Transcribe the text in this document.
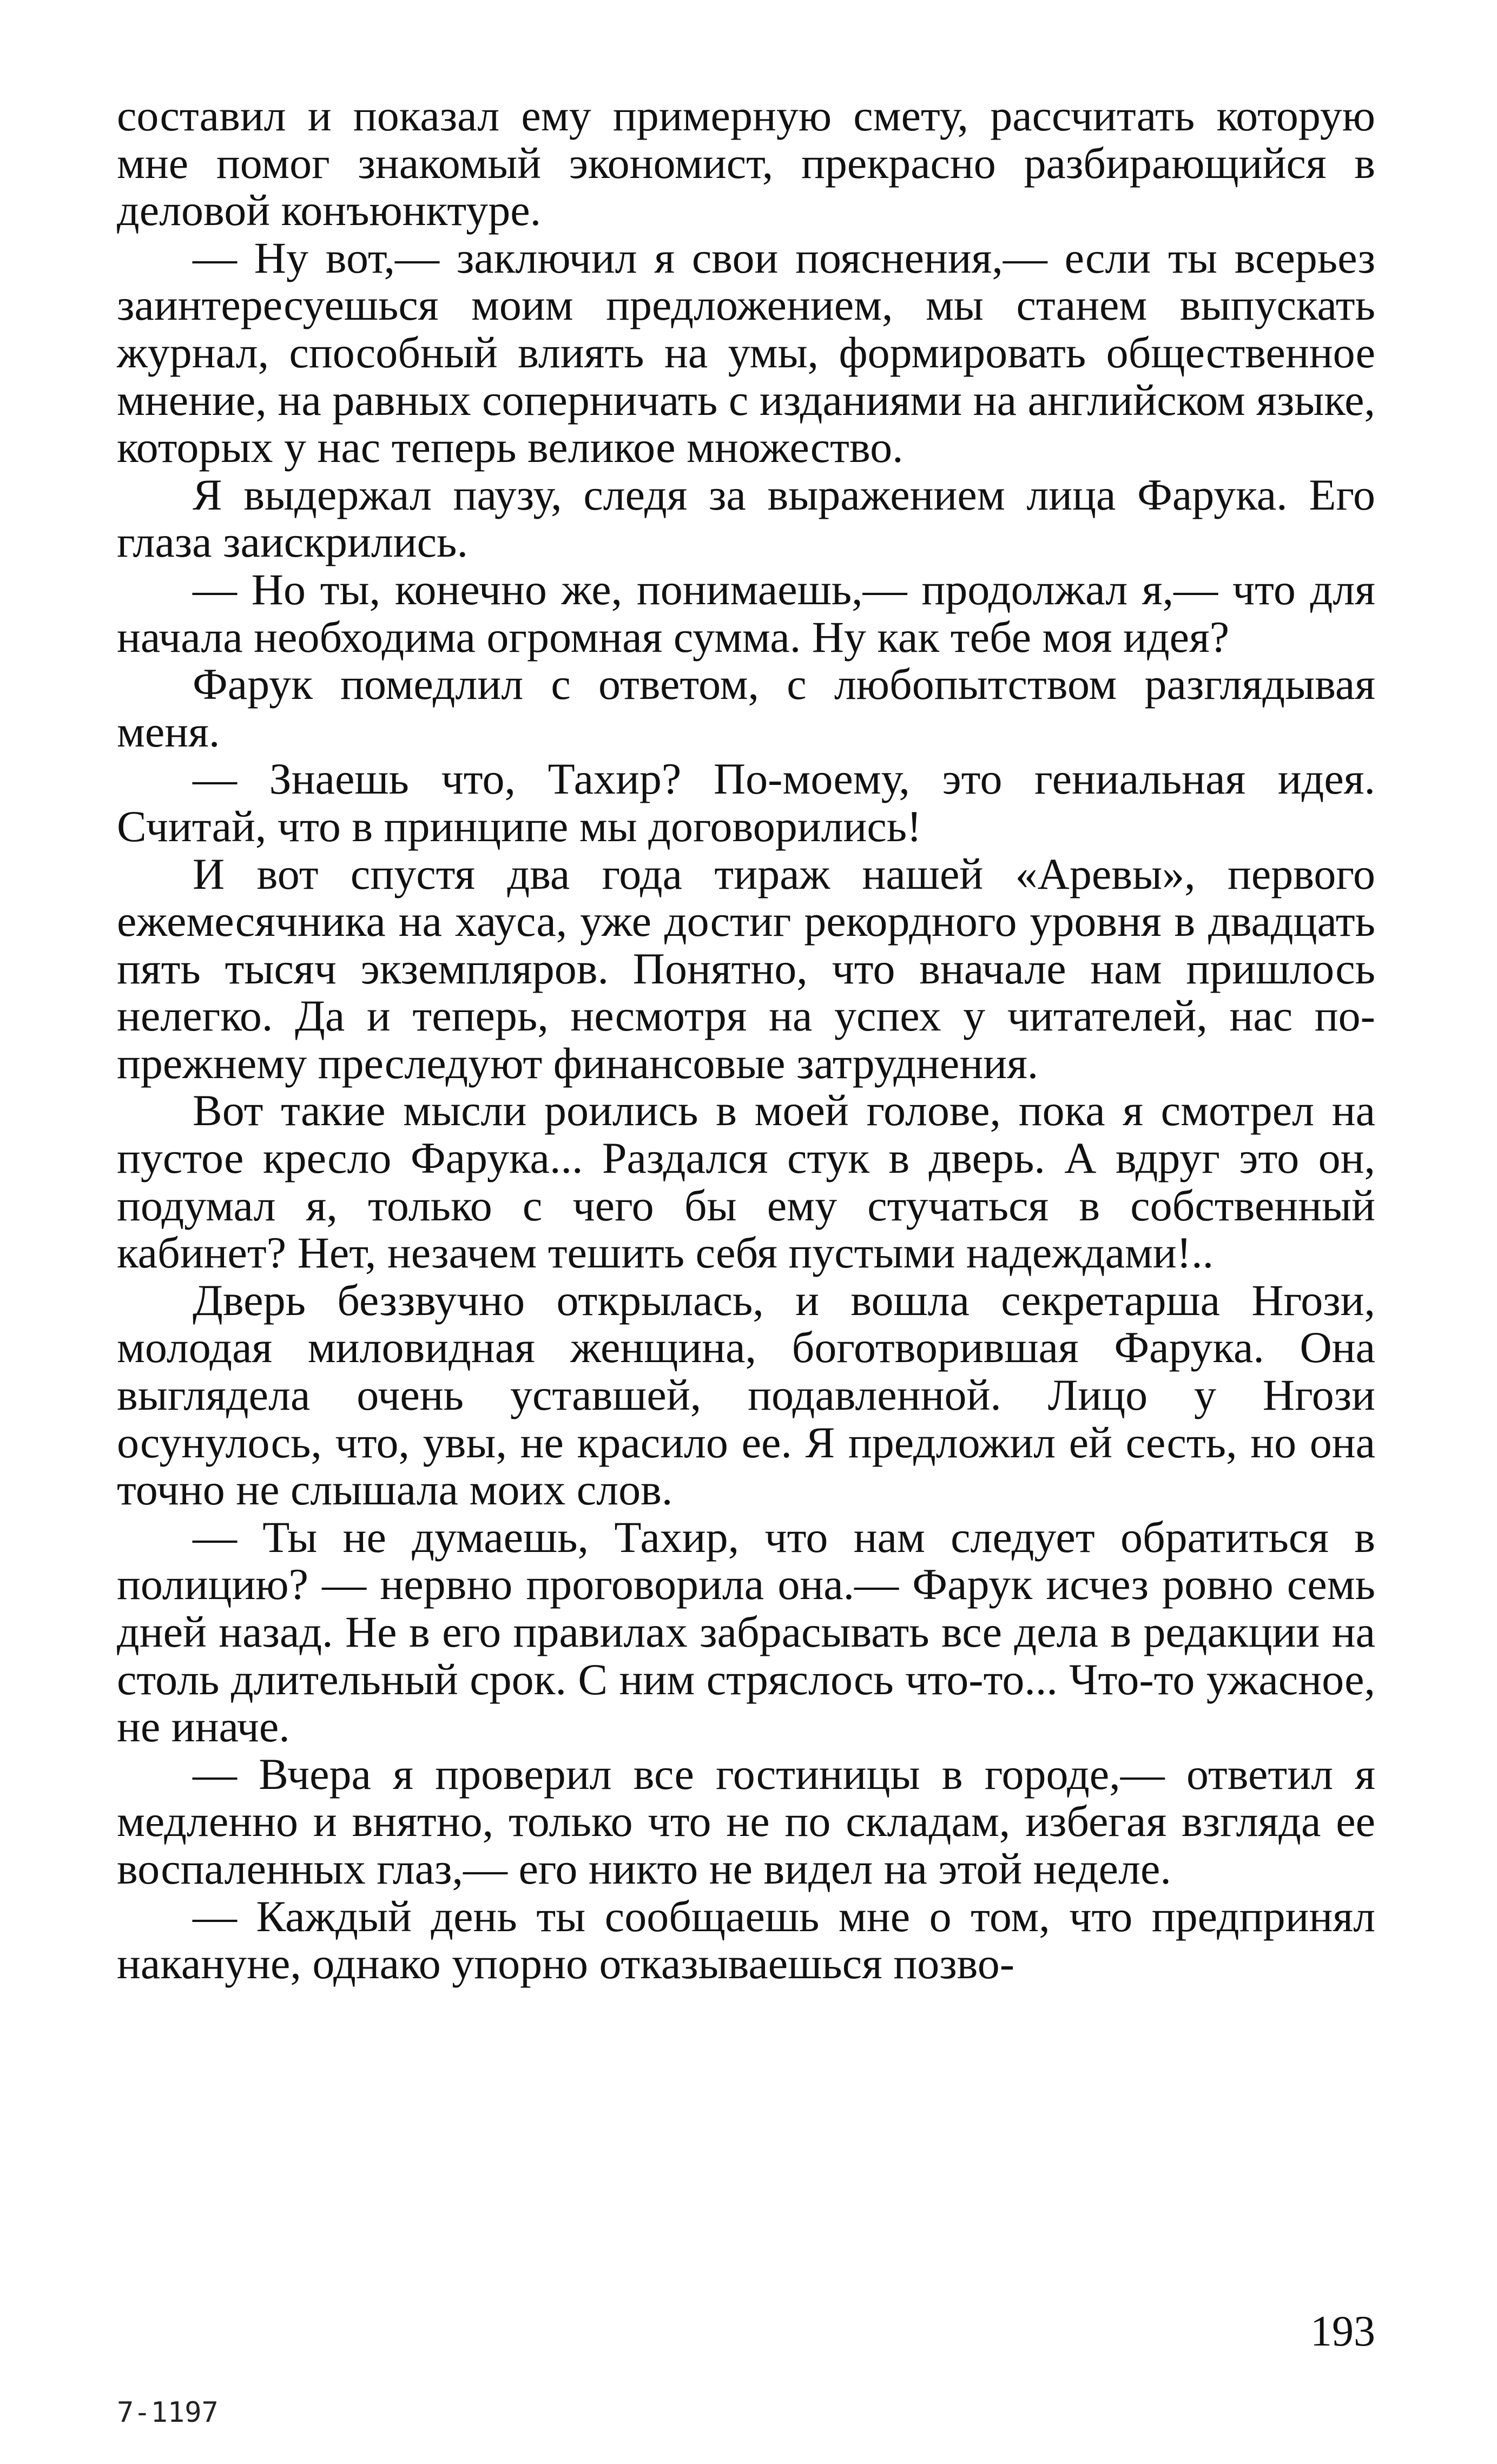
составил и показал ему примерную смету, рассчитать которую мне помог знакомый экономист, прекрасно разбирающийся в деловой конъюнктуре.

— Ну вот,— заключил я свои пояснения,— если ты всерьез заинтересуешься моим предложением, мы станем выпускать журнал, способный влиять на умы, формировать общественное мнение, на равных соперничать с изданиями на английском языке, которых у нас теперь великое множество.

Я выдержал паузу, следя за выражением лица Фарука. Его глаза заискрились.

— Но ты, конечно же, понимаешь,— продолжал я,— что для начала необходима огромная сумма. Ну как тебе моя идея?

Фарук помедлил с ответом, с любопытством разглядывая меня.

— Знаешь что, Тахир? По-моему, это гениальная идея. Считай, что в принципе мы договорились!

И вот спустя два года тираж нашей «Аревы», первого ежемесячника на хауса, уже достиг рекордного уровня в двадцать пять тысяч экземпляров. Понятно, что вначале нам пришлось нелегко. Да и теперь, несмотря на успех у читателей, нас по-прежнему преследуют финансовые затруднения.

Вот такие мысли роились в моей голове, пока я смотрел на пустое кресло Фарука... Раздался стук в дверь. А вдруг это он, подумал я, только с чего бы ему стучаться в собственный кабинет? Нет, незачем тешить себя пустыми надеждами!..

Дверь беззвучно открылась, и вошла секретарша Нгози, молодая миловидная женщина, боготворившая Фарука. Она выглядела очень уставшей, подавленной. Лицо у Нгози осунулось, что, увы, не красило ее. Я предложил ей сесть, но она точно не слышала моих слов.

— Ты не думаешь, Тахир, что нам следует обратиться в полицию? — нервно проговорила она.— Фарук исчез ровно семь дней назад. Не в его правилах забрасывать все дела в редакции на столь длительный срок. С ним стряслось что-то... Что-то ужасное, не иначе.

— Вчера я проверил все гостиницы в городе,— ответил я медленно и внятно, только что не по складам, избегая взгляда ее воспаленных глаз,— его никто не видел на этой неделе.

— Каждый день ты сообщаешь мне о том, что предпринял накануне, однако упорно отказываешься позво-

193
7-1197
